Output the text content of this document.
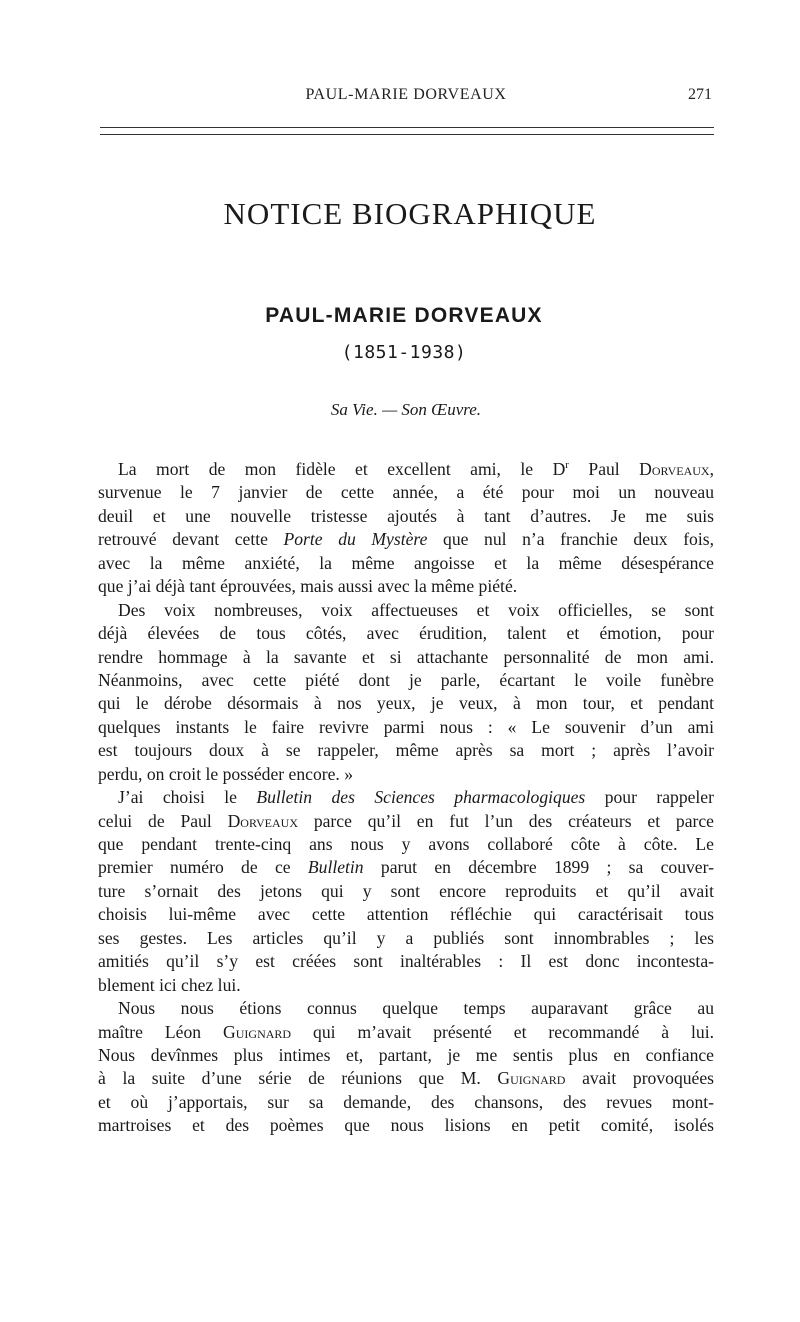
PAUL-MARIE DORVEAUX	271
NOTICE BIOGRAPHIQUE
PAUL-MARIE DORVEAUX
(1851-1938)
Sa Vie. — Son Œuvre.
La mort de mon fidèle et excellent ami, le $D^r$ Paul Dorveaux,
survenue le 7 janvier de cette année, a été pour moi un nouveau
deuil et une nouvelle tristesse ajoutés à tant d’autres. Je me suis
retrouvé devant cette Porte du Mystère que nul n’a franchie deux fois,
avec la même anxiété, la même angoisse et la même désespérance
que j’ai déjà tant éprouvées, mais aussi avec la même piété.
Des voix nombreuses, voix affectueuses et voix officielles, se sont
déjà élevées de tous côtés, avec érudition, talent et émotion, pour
rendre hommage à la savante et si attachante personnalité de mon ami.
Néanmoins, avec cette piété dont je parle, écartant le voile funèbre
qui le dérobe désormais à nos yeux, je veux, à mon tour, et pendant
quelques instants le faire revivre parmi nous : « Le souvenir d’un ami
est toujours doux à se rappeler, même après sa mort ; après l’avoir
perdu, on croit le posséder encore. »
J’ai choisi le Bulletin des Sciences pharmacologiques pour rappeler
celui de Paul Dorveaux parce qu’il en fut l’un des créateurs et parce
que pendant trente-cinq ans nous y avons collaboré côte à côte. Le
premier numéro de ce Bulletin parut en décembre 1899 ; sa couver-
ture s’ornait des jetons qui y sont encore reproduits et qu’il avait
choisis lui-même avec cette attention réfléchie qui caractérisait tous
ses gestes. Les articles qu’il y a publiés sont innombrables ; les
amitiés qu’il s’y est créées sont inaltérables : Il est donc incontesta-
blement ici chez lui.
Nous nous étions connus quelque temps auparavant grâce au
maître Léon Guignard qui m’avait présenté et recommandé à lui.
Nous devînmes plus intimes et, partant, je me sentis plus en confiance
à la suite d’une série de réunions que M. Guignard avait provoquées
et où j’apportais, sur sa demande, des chansons, des revues mont-
martroises et des poèmes que nous lisions en petit comité, isolés
